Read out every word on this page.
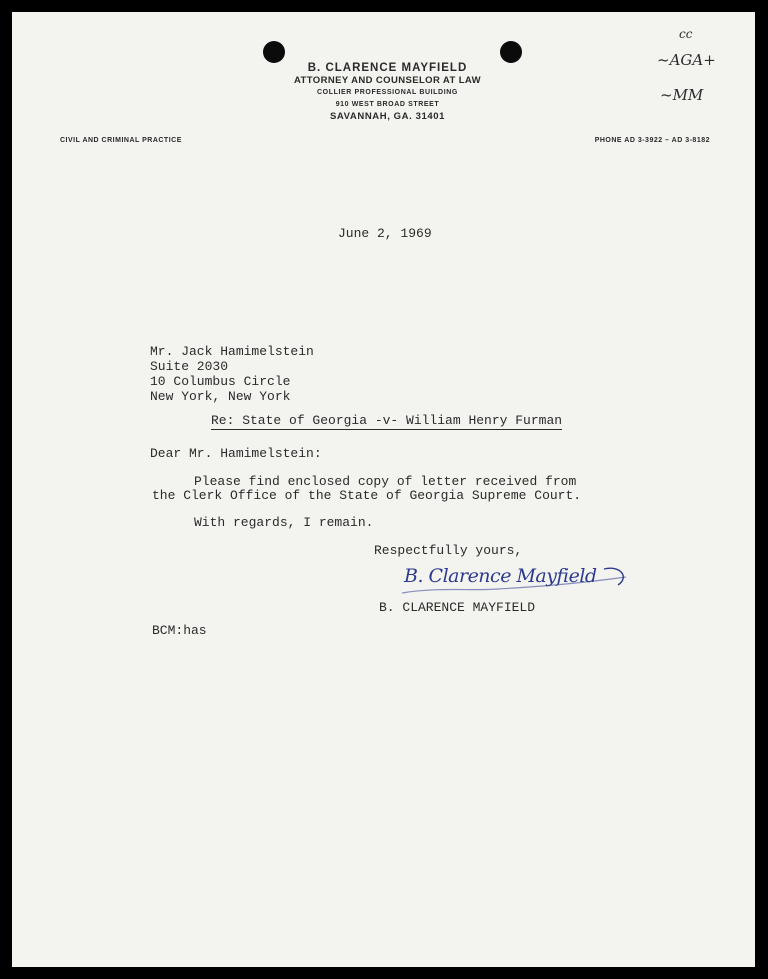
B. CLARENCE MAYFIELD

ATTORNEY AND COUNSELOR AT LAW

COLLIER PROFESSIONAL BUILDING

910 WEST BROAD STREET

SAVANNAH, GA. 31401

CIVIL AND CRIMINAL PRACTICE	PHONE AD 3-3922 – AD 3-8182
cc
~AGA+
~MM

June 2, 1969

Mr. Jack Hamimelstein

Suite 2030

10 Columbus Circle

New York, New York

Re: State of Georgia -v- William Henry Furman

Dear Mr. Hamimelstein:

Please find enclosed copy of letter received from

the Clerk Office of the State of Georgia Supreme Court.

With regards, I remain.

Respectfully yours,

B. Clarence Mayfield

B. CLARENCE MAYFIELD

BCM:has
